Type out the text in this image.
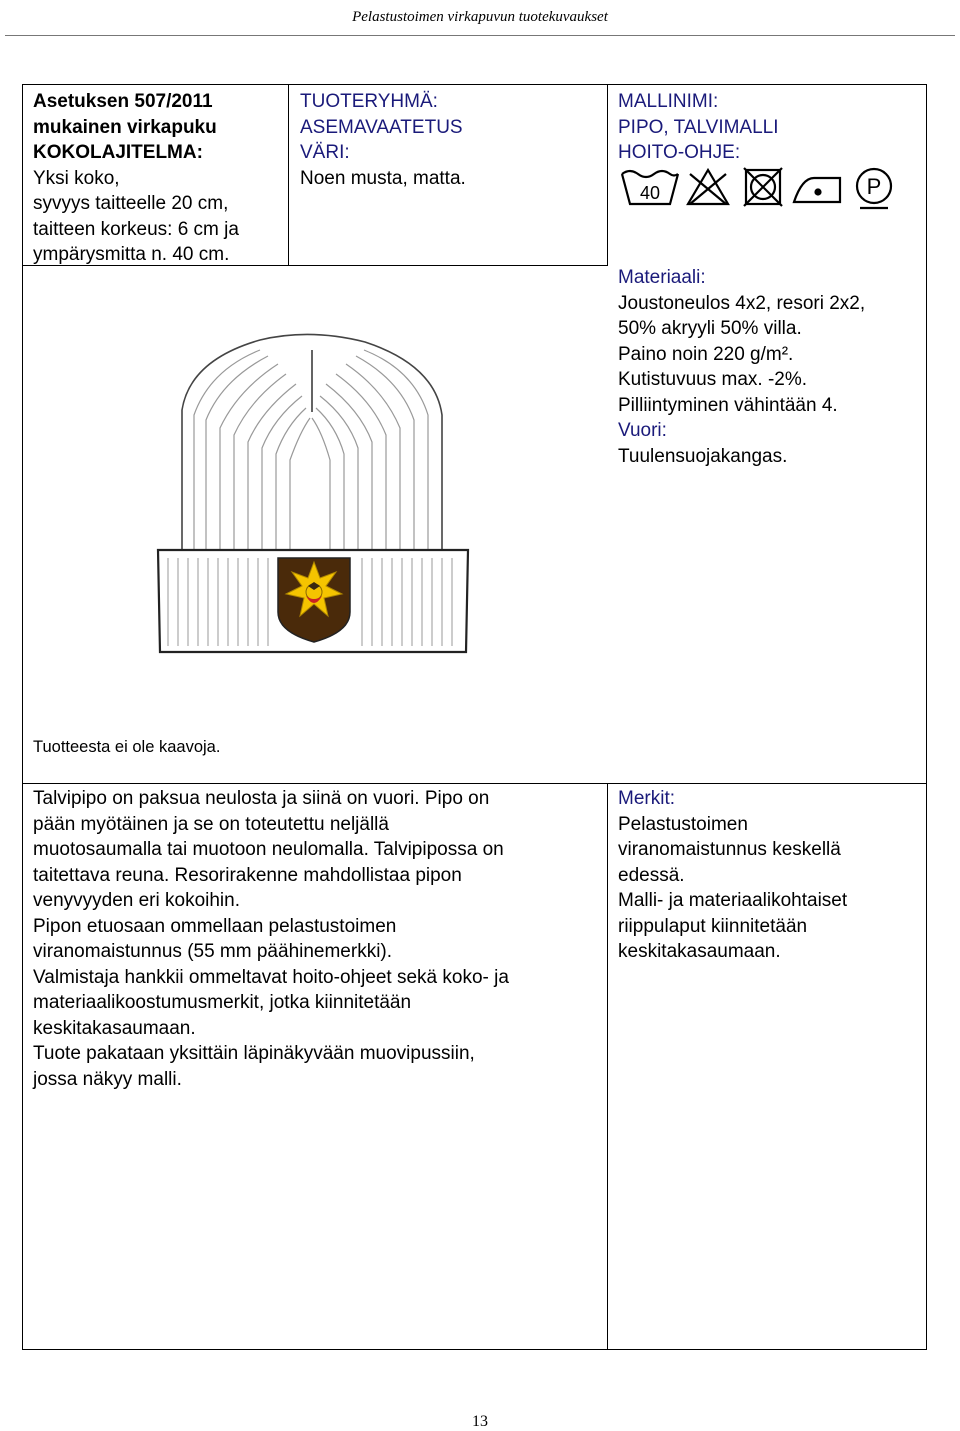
Pelastustoimen virkapuvun tuotekuvaukset
Asetuksen 507/2011
mukainen virkapuku
KOKOLAJITELMA:
Yksi koko,
syvyys taitteelle 20 cm,
taitteen korkeus: 6 cm ja
ympärysmitta n. 40 cm.
TUOTERYHMÄ:
ASEMAVAATETUS
VÄRI:
Noen musta, matta.
MALLINIMI:
PIPO, TALVIMALLI
HOITO-OHJE:
40	P
Materiaali:
Joustoneulos 4x2, resori 2x2,
50% akryyli 50% villa.
Paino noin 220 g/m².
Kutistuvuus max. -2%.
Pilliintyminen vähintään 4.
Vuori:
Tuulensuojakangas.
Tuotteesta ei ole kaavoja.
Talvipipo on paksua neulosta ja siinä on vuori. Pipo on
pään myötäinen ja se on toteutettu neljällä
muotosaumalla tai muotoon neulomalla. Talvipipossa on
taitettava reuna. Resorirakenne mahdollistaa pipon
venyvyyden eri kokoihin.
Pipon etuosaan ommellaan pelastustoimen
viranomaistunnus (55 mm päähinemerkki).
Valmistaja hankkii ommeltavat hoito-ohjeet sekä koko- ja
materiaalikoostumusmerkit, jotka kiinnitetään
keskitakasaumaan.
Tuote pakataan yksittäin läpinäkyvään muovipussiin,
jossa näkyy malli.
Merkit:
Pelastustoimen
viranomaistunnus keskellä
edessä.
Malli- ja materiaalikohtaiset
riippulaput kiinnitetään
keskitakasaumaan.
13
